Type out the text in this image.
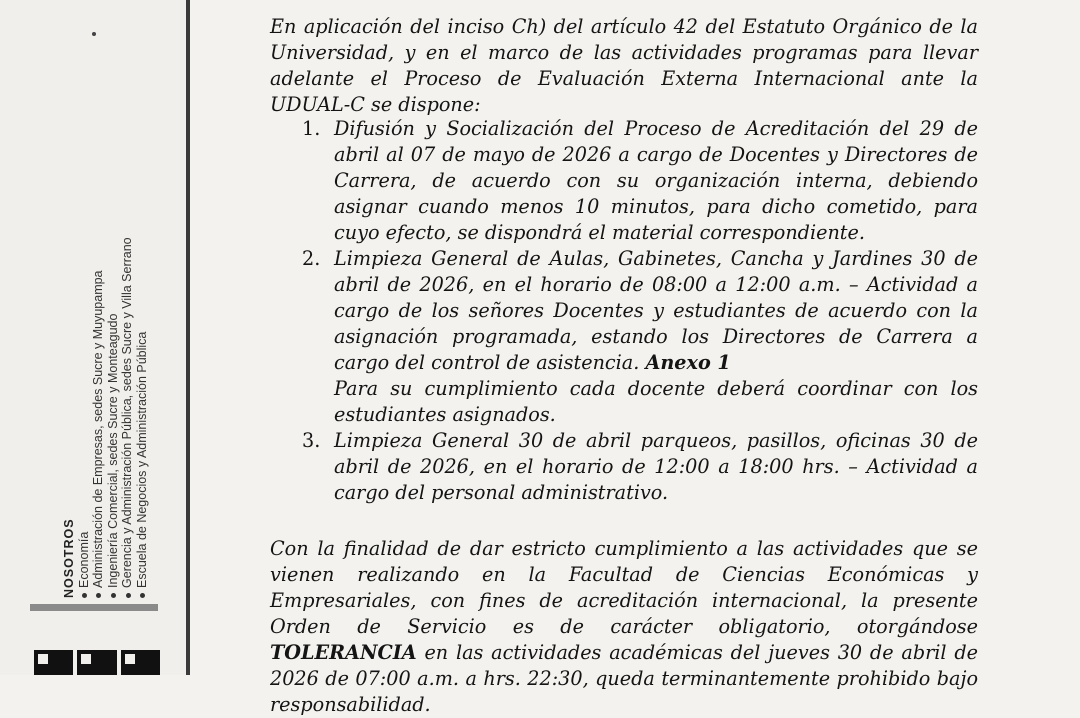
NOSOTROS Economía Administración de Empresas, sedes Sucre y Muyupampa Ingeniería Comercial, sedes Sucre y Monteagudo Gerencia y Administración Pública, sedes Sucre y Villa Serrano Escuela de Negocios y Administración Pública

En aplicación del inciso Ch) del artículo 42 del Estatuto Orgánico de la Universidad, y en el marco de las actividades programas para llevar adelante el Proceso de Evaluación Externa Internacional ante la UDUAL-C se dispone:

1. Difusión y Socialización del Proceso de Acreditación del 29 de abril al 07 de mayo de 2026 a cargo de Docentes y Directores de Carrera, de acuerdo con su organización interna, debiendo asignar cuando menos 10 minutos, para dicho cometido, para cuyo efecto, se dispondrá el material correspondiente.
2. Limpieza General de Aulas, Gabinetes, Cancha y Jardines 30 de abril de 2026, en el horario de 08:00 a 12:00 a.m. – Actividad a cargo de los señores Docentes y estudiantes de acuerdo con la asignación programada, estando los Directores de Carrera a cargo del control de asistencia. Anexo 1
Para su cumplimiento cada docente deberá coordinar con los estudiantes asignados.
3. Limpieza General 30 de abril parqueos, pasillos, oficinas 30 de abril de 2026, en el horario de 12:00 a 18:00 hrs. – Actividad a cargo del personal administrativo.

Con la finalidad de dar estricto cumplimiento a las actividades que se vienen realizando en la Facultad de Ciencias Económicas y Empresariales, con fines de acreditación internacional, la presente Orden de Servicio es de carácter obligatorio, otorgándose TOLERANCIA en las actividades académicas del jueves 30 de abril de 2026 de 07:00 a.m. a hrs. 22:30, queda terminantemente prohibido bajo responsabilidad.
